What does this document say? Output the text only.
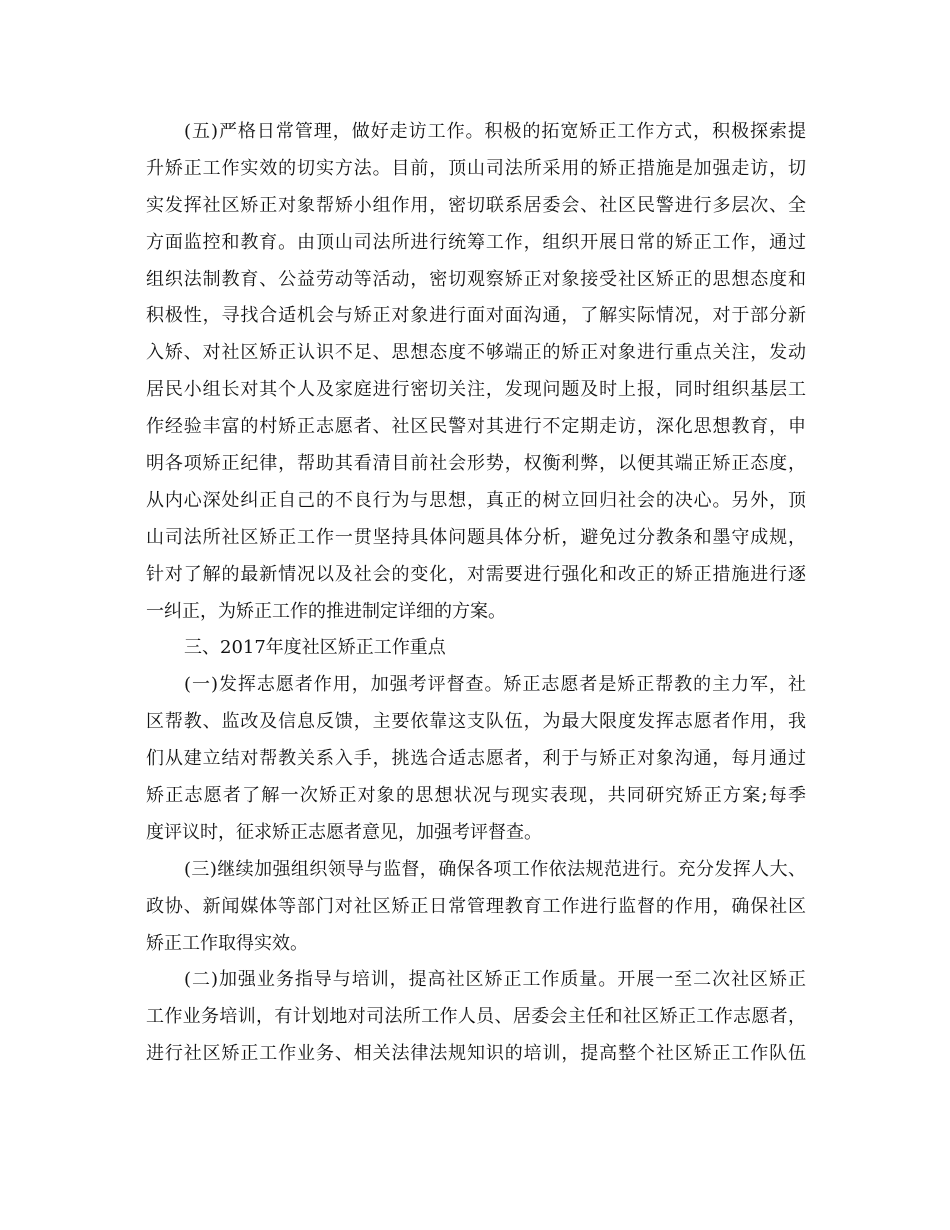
(五)严格日常管理，做好走访工作。积极的拓宽矫正工作方式，积极探索提
升矫正工作实效的切实方法。目前，顶山司法所采用的矫正措施是加强走访，切
实发挥社区矫正对象帮矫小组作用，密切联系居委会、社区民警进行多层次、全
方面监控和教育。由顶山司法所进行统筹工作，组织开展日常的矫正工作，通过
组织法制教育、公益劳动等活动，密切观察矫正对象接受社区矫正的思想态度和
积极性，寻找合适机会与矫正对象进行面对面沟通，了解实际情况，对于部分新
入矫、对社区矫正认识不足、思想态度不够端正的矫正对象进行重点关注，发动
居民小组长对其个人及家庭进行密切关注，发现问题及时上报，同时组织基层工
作经验丰富的村矫正志愿者、社区民警对其进行不定期走访，深化思想教育，申
明各项矫正纪律，帮助其看清目前社会形势，权衡利弊，以便其端正矫正态度，
从内心深处纠正自己的不良行为与思想，真正的树立回归社会的决心。另外，顶
山司法所社区矫正工作一贯坚持具体问题具体分析，避免过分教条和墨守成规，
针对了解的最新情况以及社会的变化，对需要进行强化和改正的矫正措施进行逐
一纠正，为矫正工作的推进制定详细的方案。
三、2017年度社区矫正工作重点
(一)发挥志愿者作用，加强考评督查。矫正志愿者是矫正帮教的主力军，社
区帮教、监改及信息反馈，主要依靠这支队伍，为最大限度发挥志愿者作用，我
们从建立结对帮教关系入手，挑选合适志愿者，利于与矫正对象沟通，每月通过
矫正志愿者了解一次矫正对象的思想状况与现实表现，共同研究矫正方案;每季
度评议时，征求矫正志愿者意见，加强考评督查。
(三)继续加强组织领导与监督，确保各项工作依法规范进行。充分发挥人大、
政协、新闻媒体等部门对社区矫正日常管理教育工作进行监督的作用，确保社区
矫正工作取得实效。
(二)加强业务指导与培训，提高社区矫正工作质量。开展一至二次社区矫正
工作业务培训，有计划地对司法所工作人员、居委会主任和社区矫正工作志愿者，
进行社区矫正工作业务、相关法律法规知识的培训，提高整个社区矫正工作队伍
